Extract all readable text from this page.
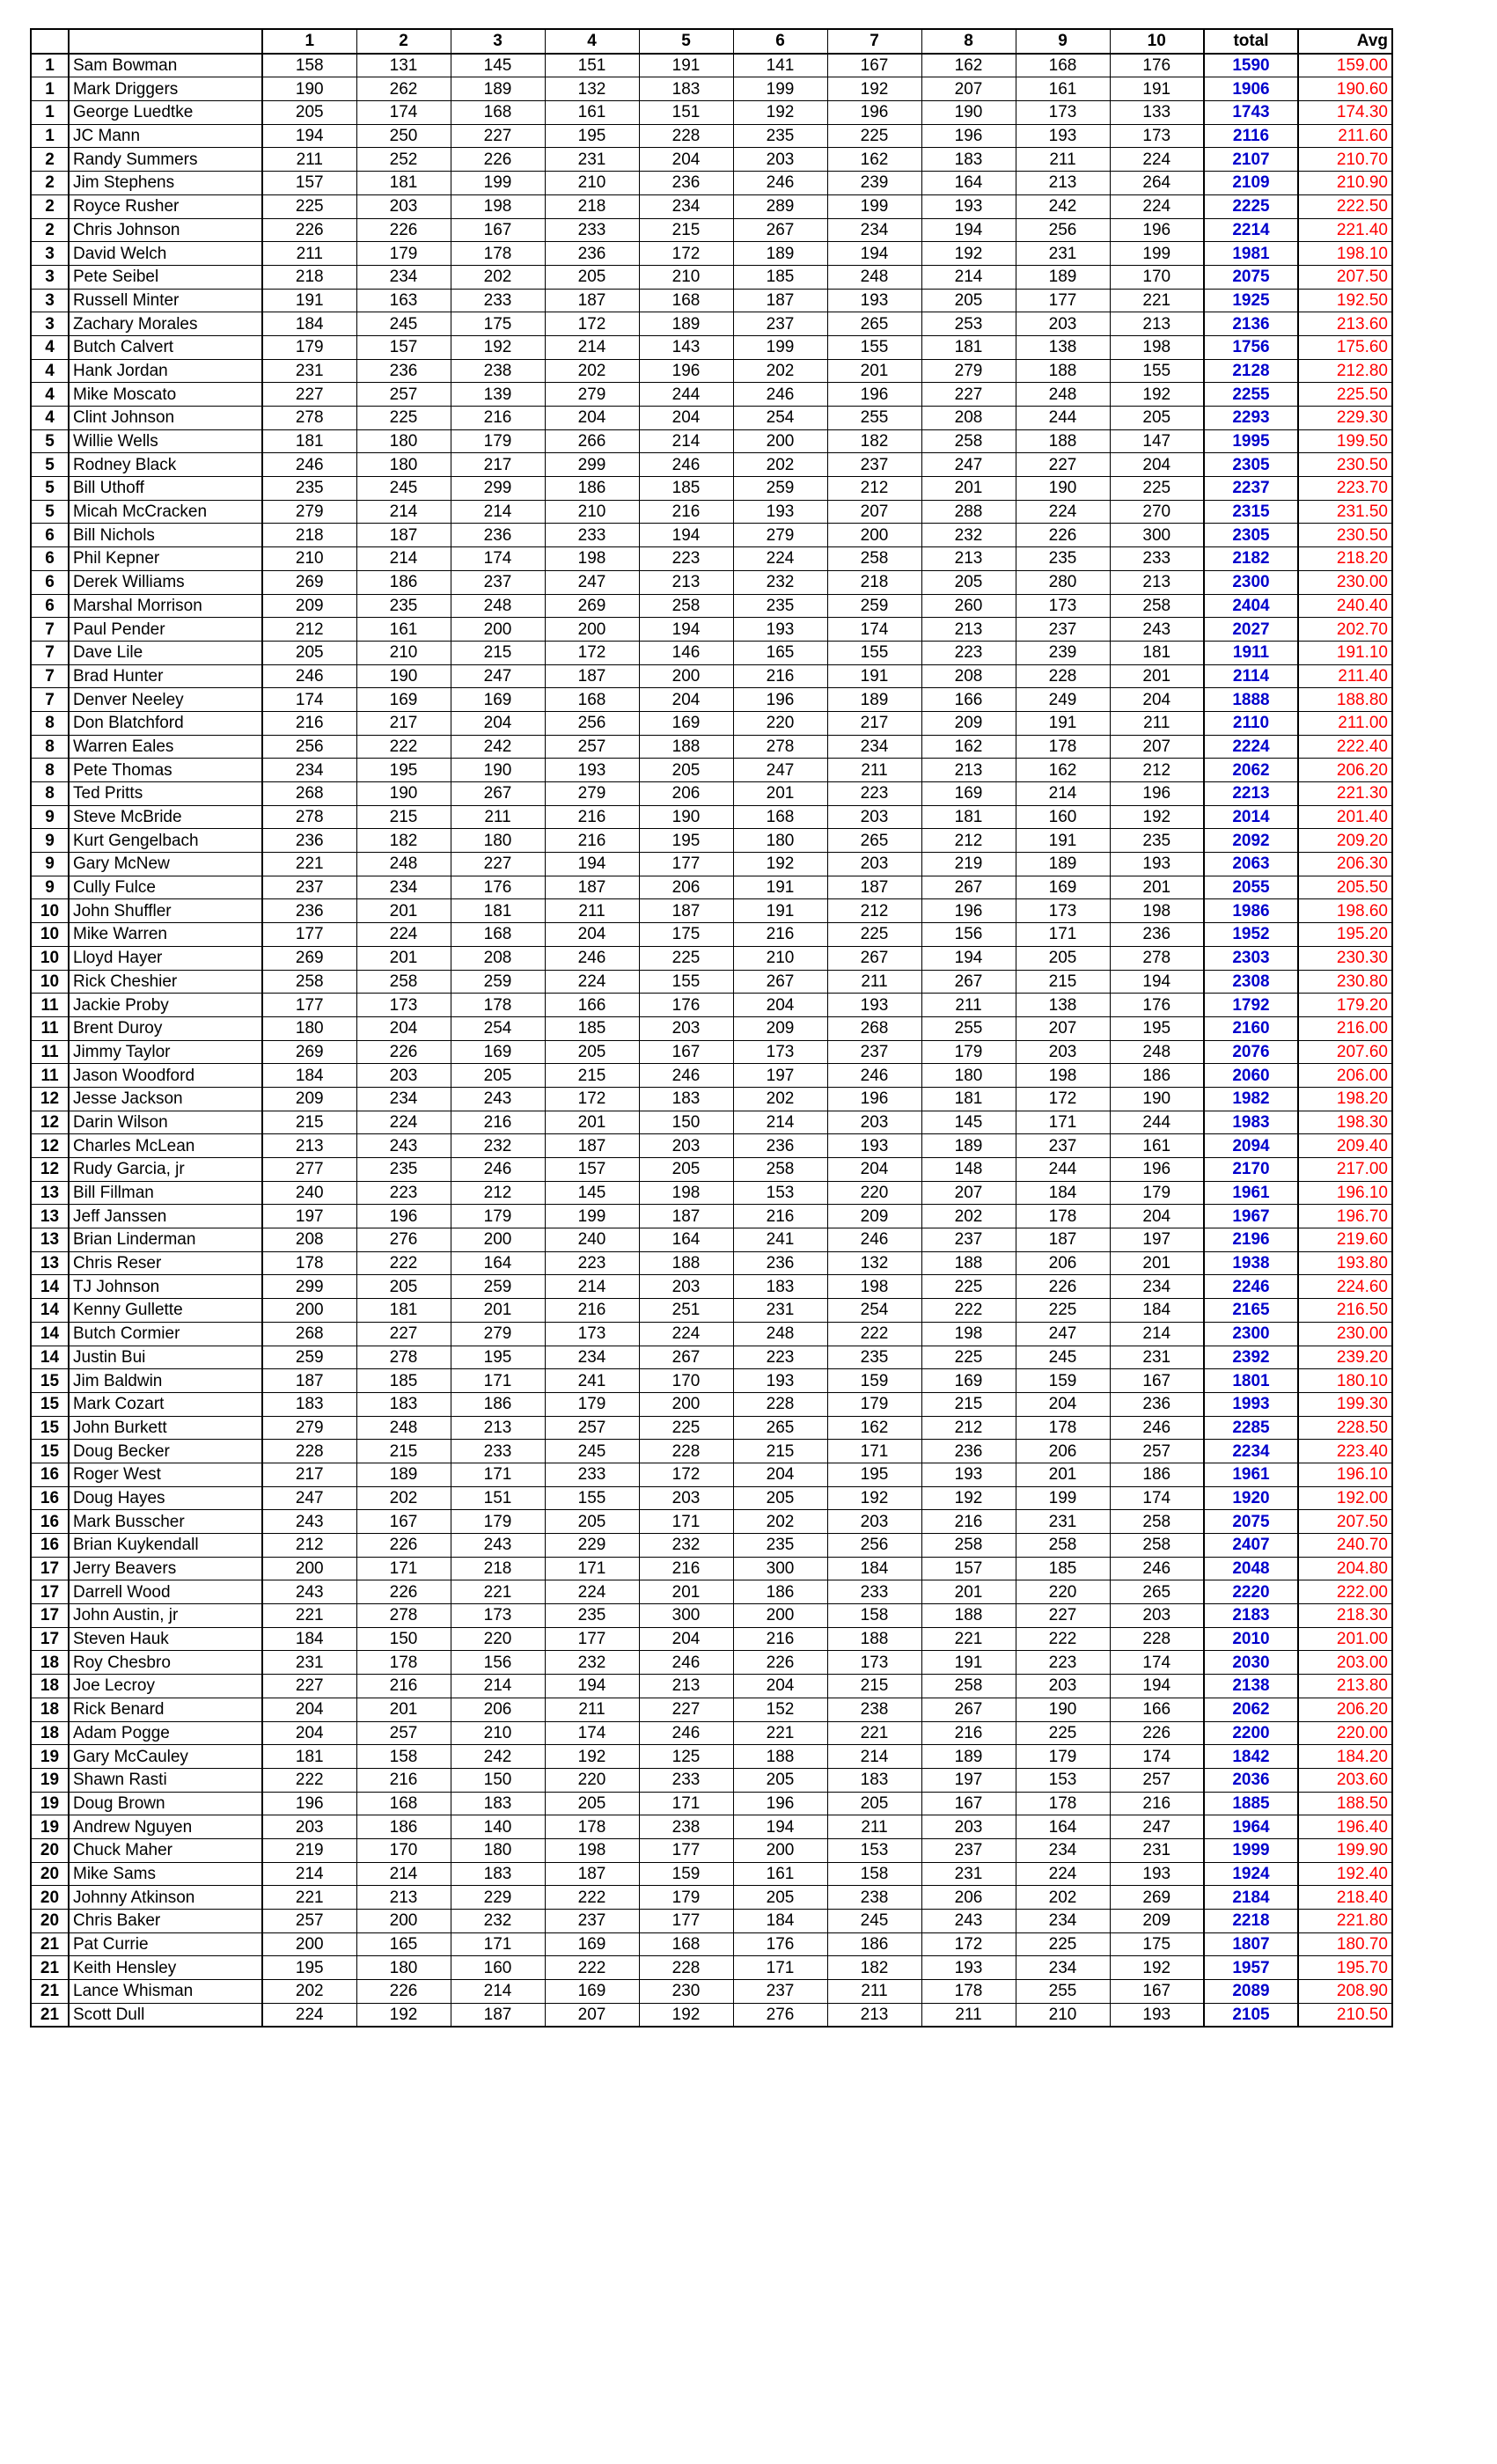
		1	2	3	4	5	6	7	8	9	10	total	Avg
1	Sam Bowman	158	131	145	151	191	141	167	162	168	176	1590	159.00
1	Mark Driggers	190	262	189	132	183	199	192	207	161	191	1906	190.60
1	George Luedtke	205	174	168	161	151	192	196	190	173	133	1743	174.30
1	JC Mann	194	250	227	195	228	235	225	196	193	173	2116	211.60
2	Randy Summers	211	252	226	231	204	203	162	183	211	224	2107	210.70
2	Jim Stephens	157	181	199	210	236	246	239	164	213	264	2109	210.90
2	Royce Rusher	225	203	198	218	234	289	199	193	242	224	2225	222.50
2	Chris Johnson	226	226	167	233	215	267	234	194	256	196	2214	221.40
3	David Welch	211	179	178	236	172	189	194	192	231	199	1981	198.10
3	Pete Seibel	218	234	202	205	210	185	248	214	189	170	2075	207.50
3	Russell Minter	191	163	233	187	168	187	193	205	177	221	1925	192.50
3	Zachary Morales	184	245	175	172	189	237	265	253	203	213	2136	213.60
4	Butch Calvert	179	157	192	214	143	199	155	181	138	198	1756	175.60
4	Hank Jordan	231	236	238	202	196	202	201	279	188	155	2128	212.80
4	Mike Moscato	227	257	139	279	244	246	196	227	248	192	2255	225.50
4	Clint Johnson	278	225	216	204	204	254	255	208	244	205	2293	229.30
5	Willie Wells	181	180	179	266	214	200	182	258	188	147	1995	199.50
5	Rodney Black	246	180	217	299	246	202	237	247	227	204	2305	230.50
5	Bill Uthoff	235	245	299	186	185	259	212	201	190	225	2237	223.70
5	Micah McCracken	279	214	214	210	216	193	207	288	224	270	2315	231.50
6	Bill Nichols	218	187	236	233	194	279	200	232	226	300	2305	230.50
6	Phil Kepner	210	214	174	198	223	224	258	213	235	233	2182	218.20
6	Derek Williams	269	186	237	247	213	232	218	205	280	213	2300	230.00
6	Marshal Morrison	209	235	248	269	258	235	259	260	173	258	2404	240.40
7	Paul Pender	212	161	200	200	194	193	174	213	237	243	2027	202.70
7	Dave Lile	205	210	215	172	146	165	155	223	239	181	1911	191.10
7	Brad Hunter	246	190	247	187	200	216	191	208	228	201	2114	211.40
7	Denver Neeley	174	169	169	168	204	196	189	166	249	204	1888	188.80
8	Don Blatchford	216	217	204	256	169	220	217	209	191	211	2110	211.00
8	Warren Eales	256	222	242	257	188	278	234	162	178	207	2224	222.40
8	Pete Thomas	234	195	190	193	205	247	211	213	162	212	2062	206.20
8	Ted Pritts	268	190	267	279	206	201	223	169	214	196	2213	221.30
9	Steve McBride	278	215	211	216	190	168	203	181	160	192	2014	201.40
9	Kurt Gengelbach	236	182	180	216	195	180	265	212	191	235	2092	209.20
9	Gary McNew	221	248	227	194	177	192	203	219	189	193	2063	206.30
9	Cully Fulce	237	234	176	187	206	191	187	267	169	201	2055	205.50
10	John Shuffler	236	201	181	211	187	191	212	196	173	198	1986	198.60
10	Mike Warren	177	224	168	204	175	216	225	156	171	236	1952	195.20
10	Lloyd Hayer	269	201	208	246	225	210	267	194	205	278	2303	230.30
10	Rick Cheshier	258	258	259	224	155	267	211	267	215	194	2308	230.80
11	Jackie Proby	177	173	178	166	176	204	193	211	138	176	1792	179.20
11	Brent Duroy	180	204	254	185	203	209	268	255	207	195	2160	216.00
11	Jimmy Taylor	269	226	169	205	167	173	237	179	203	248	2076	207.60
11	Jason Woodford	184	203	205	215	246	197	246	180	198	186	2060	206.00
12	Jesse Jackson	209	234	243	172	183	202	196	181	172	190	1982	198.20
12	Darin Wilson	215	224	216	201	150	214	203	145	171	244	1983	198.30
12	Charles McLean	213	243	232	187	203	236	193	189	237	161	2094	209.40
12	Rudy Garcia, jr	277	235	246	157	205	258	204	148	244	196	2170	217.00
13	Bill Fillman	240	223	212	145	198	153	220	207	184	179	1961	196.10
13	Jeff Janssen	197	196	179	199	187	216	209	202	178	204	1967	196.70
13	Brian Linderman	208	276	200	240	164	241	246	237	187	197	2196	219.60
13	Chris Reser	178	222	164	223	188	236	132	188	206	201	1938	193.80
14	TJ Johnson	299	205	259	214	203	183	198	225	226	234	2246	224.60
14	Kenny Gullette	200	181	201	216	251	231	254	222	225	184	2165	216.50
14	Butch Cormier	268	227	279	173	224	248	222	198	247	214	2300	230.00
14	Justin Bui	259	278	195	234	267	223	235	225	245	231	2392	239.20
15	Jim Baldwin	187	185	171	241	170	193	159	169	159	167	1801	180.10
15	Mark Cozart	183	183	186	179	200	228	179	215	204	236	1993	199.30
15	John Burkett	279	248	213	257	225	265	162	212	178	246	2285	228.50
15	Doug Becker	228	215	233	245	228	215	171	236	206	257	2234	223.40
16	Roger West	217	189	171	233	172	204	195	193	201	186	1961	196.10
16	Doug Hayes	247	202	151	155	203	205	192	192	199	174	1920	192.00
16	Mark Busscher	243	167	179	205	171	202	203	216	231	258	2075	207.50
16	Brian Kuykendall	212	226	243	229	232	235	256	258	258	258	2407	240.70
17	Jerry Beavers	200	171	218	171	216	300	184	157	185	246	2048	204.80
17	Darrell Wood	243	226	221	224	201	186	233	201	220	265	2220	222.00
17	John Austin, jr	221	278	173	235	300	200	158	188	227	203	2183	218.30
17	Steven Hauk	184	150	220	177	204	216	188	221	222	228	2010	201.00
18	Roy Chesbro	231	178	156	232	246	226	173	191	223	174	2030	203.00
18	Joe Lecroy	227	216	214	194	213	204	215	258	203	194	2138	213.80
18	Rick Benard	204	201	206	211	227	152	238	267	190	166	2062	206.20
18	Adam Pogge	204	257	210	174	246	221	221	216	225	226	2200	220.00
19	Gary McCauley	181	158	242	192	125	188	214	189	179	174	1842	184.20
19	Shawn Rasti	222	216	150	220	233	205	183	197	153	257	2036	203.60
19	Doug Brown	196	168	183	205	171	196	205	167	178	216	1885	188.50
19	Andrew Nguyen	203	186	140	178	238	194	211	203	164	247	1964	196.40
20	Chuck Maher	219	170	180	198	177	200	153	237	234	231	1999	199.90
20	Mike Sams	214	214	183	187	159	161	158	231	224	193	1924	192.40
20	Johnny Atkinson	221	213	229	222	179	205	238	206	202	269	2184	218.40
20	Chris Baker	257	200	232	237	177	184	245	243	234	209	2218	221.80
21	Pat Currie	200	165	171	169	168	176	186	172	225	175	1807	180.70
21	Keith Hensley	195	180	160	222	228	171	182	193	234	192	1957	195.70
21	Lance Whisman	202	226	214	169	230	237	211	178	255	167	2089	208.90
21	Scott Dull	224	192	187	207	192	276	213	211	210	193	2105	210.50
